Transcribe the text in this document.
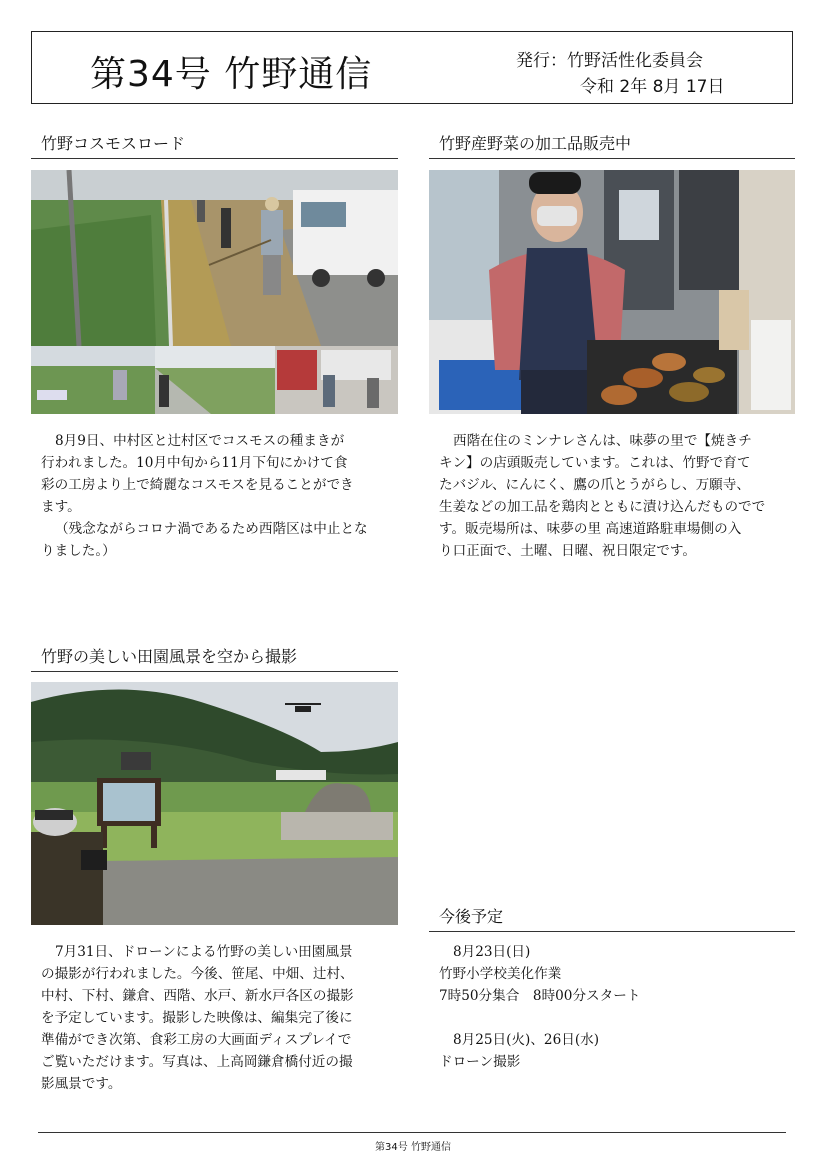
第34号 竹野通信	発行：竹野活性化委員会
令和 2年 8月 17日
竹野コスモスロード
8月9日、中村区と辻村区でコスモスの種まきが
行われました。10月中旬から11月下旬にかけて食
彩の工房より上で綺麗なコスモスを見ることができ
ます。
（残念ながらコロナ渦であるため西階区は中止とな
りました。）
竹野産野菜の加工品販売中
西階在住のミンナレさんは、味夢の里で【焼きチ
キン】の店頭販売しています。これは、竹野で育て
たバジル、にんにく、鷹の爪とうがらし、万願寺、
生姜などの加工品を鶏肉とともに漬け込んだものでで
す。販売場所は、味夢の里 高速道路駐車場側の入
り口正面で、土曜、日曜、祝日限定です。
竹野の美しい田園風景を空から撮影
7月31日、ドローンによる竹野の美しい田園風景
の撮影が行われました。今後、笹尾、中畑、辻村、
中村、下村、鎌倉、西階、水戸、新水戸各区の撮影
を予定しています。撮影した映像は、編集完了後に
準備ができ次第、食彩工房の大画面ディスプレイで
ご覧いただけます。写真は、上高岡鎌倉橋付近の撮
影風景です。
今後予定
8月23日(日)
竹野小学校美化作業
7時50分集合　8時00分スタート
8月25日(火)、26日(水)
ドローン撮影
第34号 竹野通信
